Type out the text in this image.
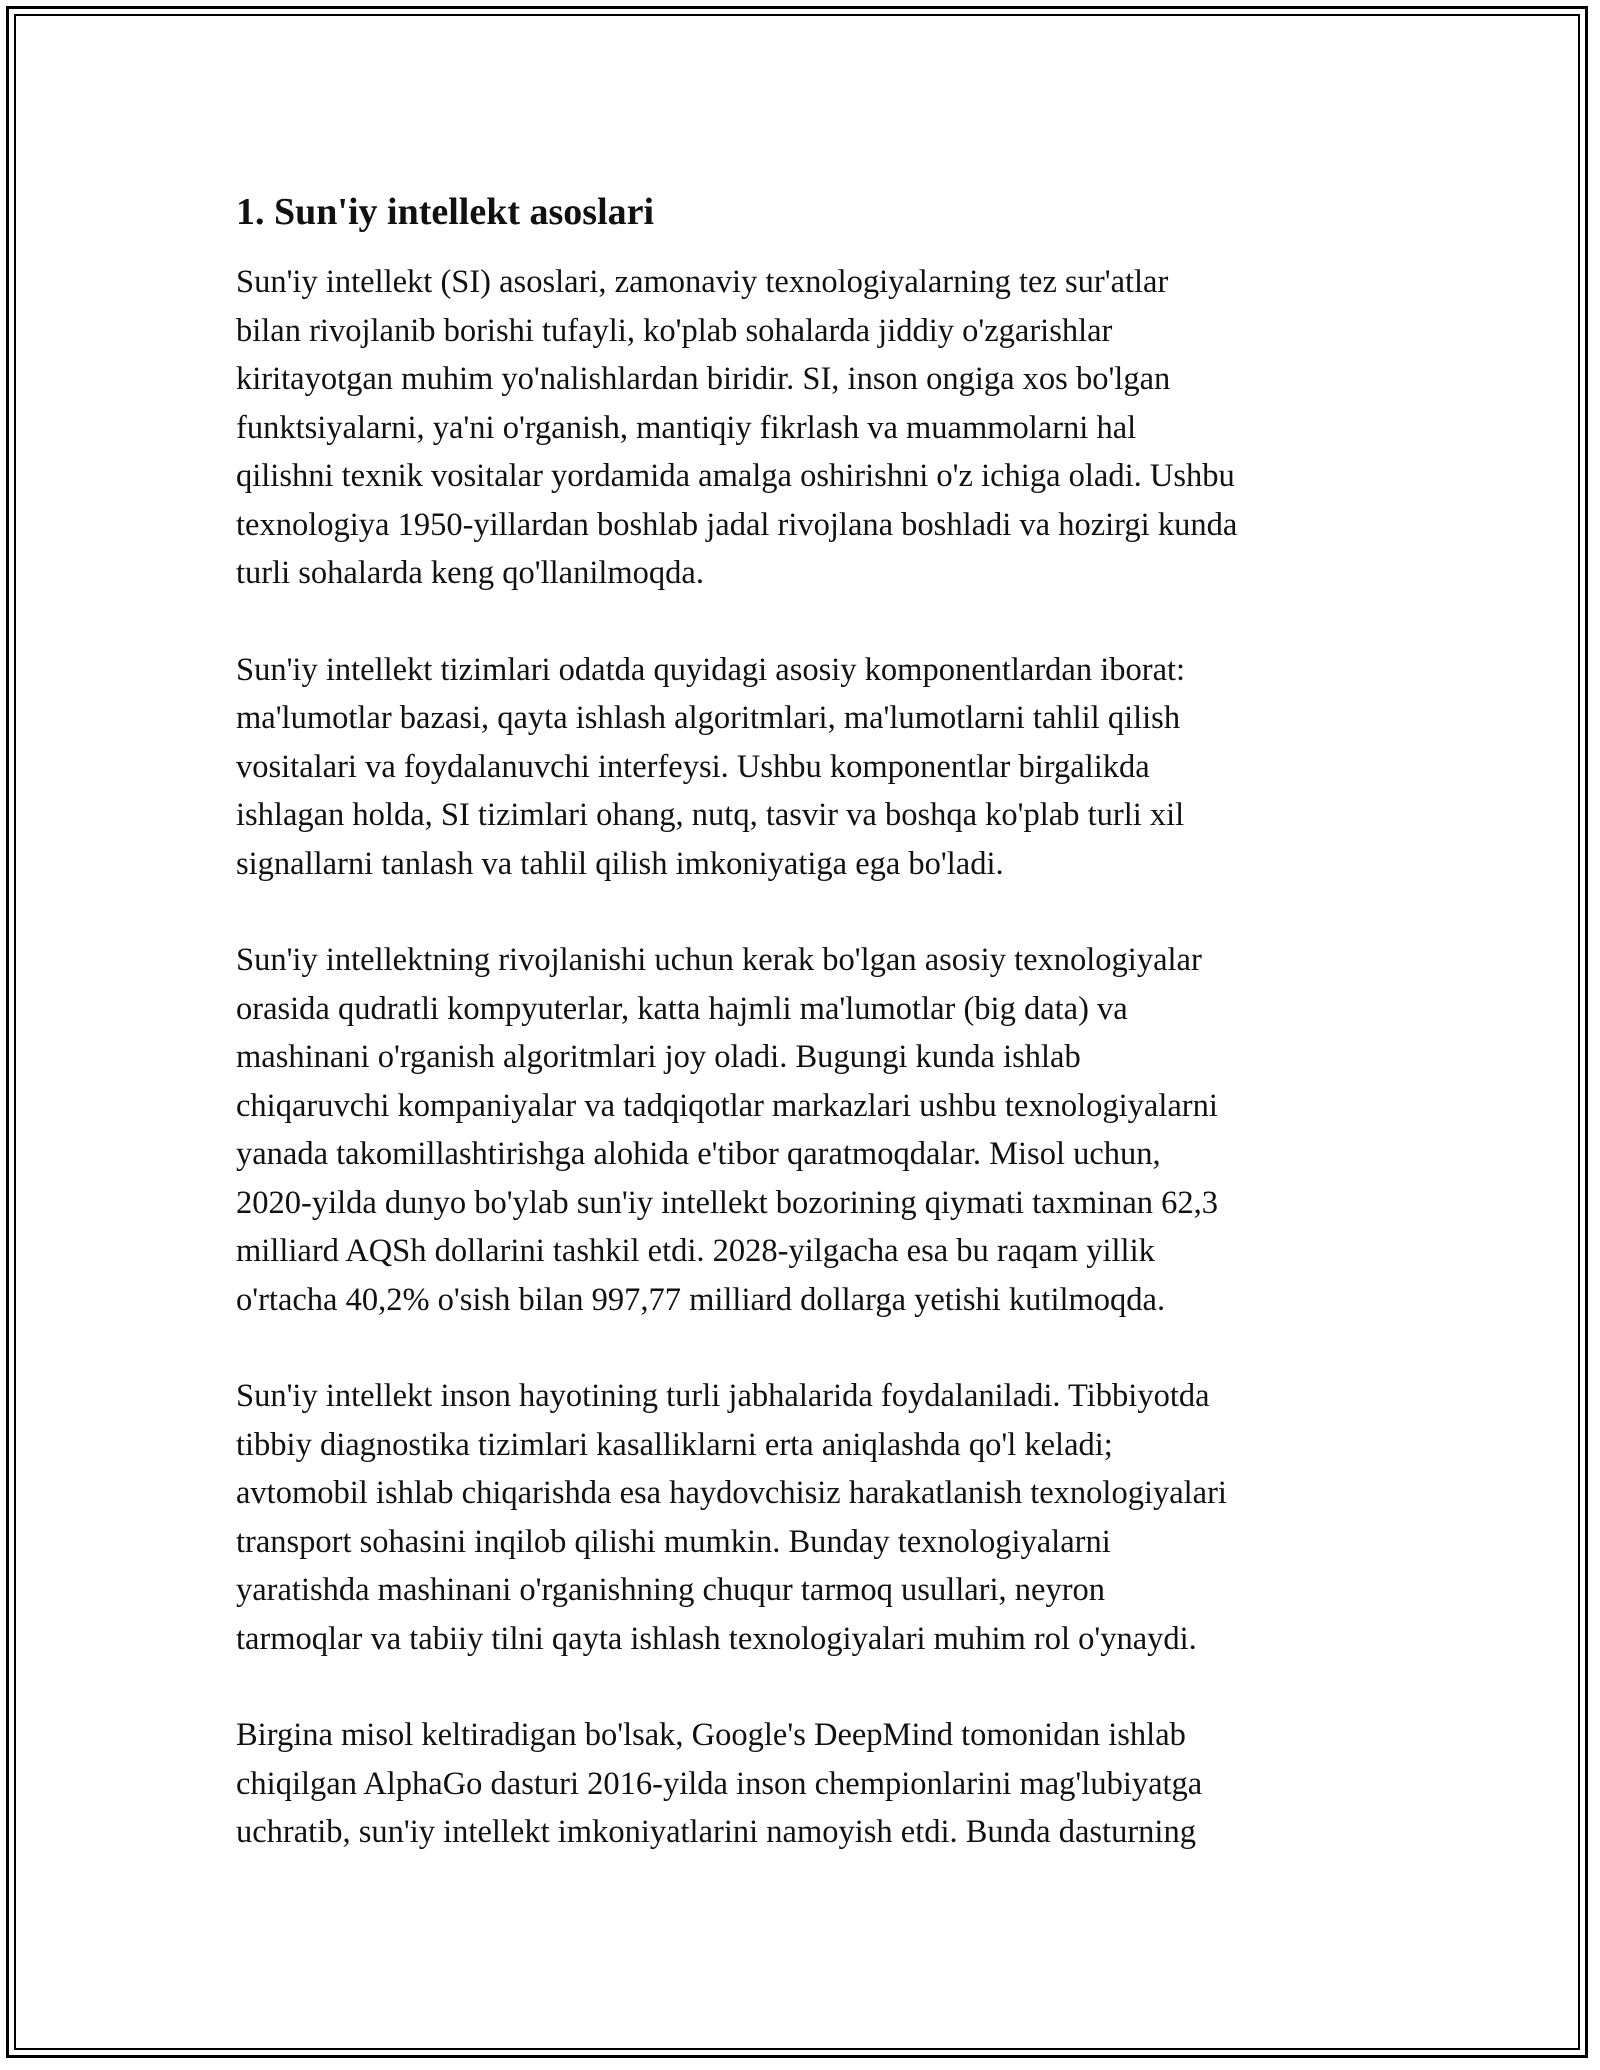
1. Sun'iy intellekt asoslari

Sun'iy intellekt (SI) asoslari, zamonaviy texnologiyalarning tez sur'atlar
bilan rivojlanib borishi tufayli, ko'plab sohalarda jiddiy o'zgarishlar
kiritayotgan muhim yo'nalishlardan biridir. SI, inson ongiga xos bo'lgan
funktsiyalarni, ya'ni o'rganish, mantiqiy fikrlash va muammolarni hal
qilishni texnik vositalar yordamida amalga oshirishni o'z ichiga oladi. Ushbu
texnologiya 1950-yillardan boshlab jadal rivojlana boshladi va hozirgi kunda
turli sohalarda keng qo'llanilmoqda.

Sun'iy intellekt tizimlari odatda quyidagi asosiy komponentlardan iborat:
ma'lumotlar bazasi, qayta ishlash algoritmlari, ma'lumotlarni tahlil qilish
vositalari va foydalanuvchi interfeysi. Ushbu komponentlar birgalikda
ishlagan holda, SI tizimlari ohang, nutq, tasvir va boshqa ko'plab turli xil
signallarni tanlash va tahlil qilish imkoniyatiga ega bo'ladi.

Sun'iy intellektning rivojlanishi uchun kerak bo'lgan asosiy texnologiyalar
orasida qudratli kompyuterlar, katta hajmli ma'lumotlar (big data) va
mashinani o'rganish algoritmlari joy oladi. Bugungi kunda ishlab
chiqaruvchi kompaniyalar va tadqiqotlar markazlari ushbu texnologiyalarni
yanada takomillashtirishga alohida e'tibor qaratmoqdalar. Misol uchun,
2020-yilda dunyo bo'ylab sun'iy intellekt bozorining qiymati taxminan 62,3
milliard AQSh dollarini tashkil etdi. 2028-yilgacha esa bu raqam yillik
o'rtacha 40,2% o'sish bilan 997,77 milliard dollarga yetishi kutilmoqda.

Sun'iy intellekt inson hayotining turli jabhalarida foydalaniladi. Tibbiyotda
tibbiy diagnostika tizimlari kasalliklarni erta aniqlashda qo'l keladi;
avtomobil ishlab chiqarishda esa haydovchisiz harakatlanish texnologiyalari
transport sohasini inqilob qilishi mumkin. Bunday texnologiyalarni
yaratishda mashinani o'rganishning chuqur tarmoq usullari, neyron
tarmoqlar va tabiiy tilni qayta ishlash texnologiyalari muhim rol o'ynaydi.

Birgina misol keltiradigan bo'lsak, Google's DeepMind tomonidan ishlab
chiqilgan AlphaGo dasturi 2016-yilda inson chempionlarini mag'lubiyatga
uchratib, sun'iy intellekt imkoniyatlarini namoyish etdi. Bunda dasturning
